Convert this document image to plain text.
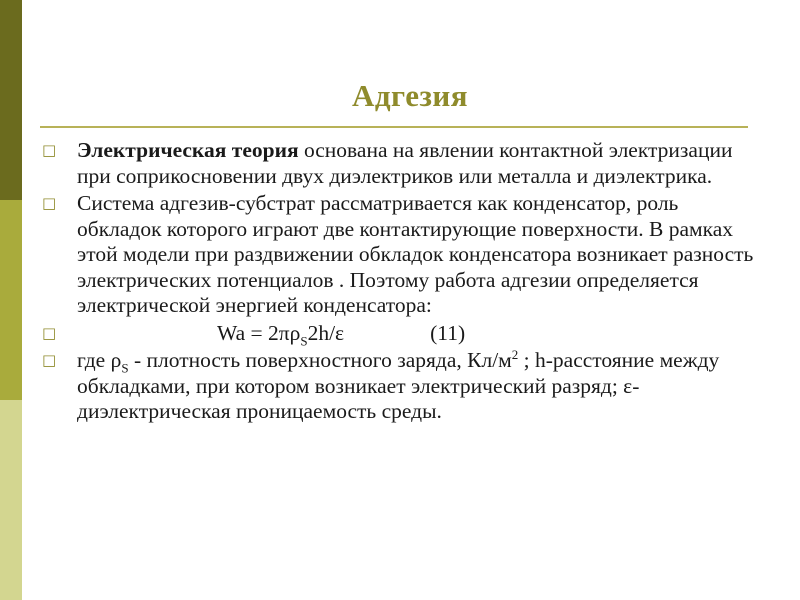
Адгезия
□ Электрическая теория основана на явлении контактной электризации при соприкосновении двух диэлектриков или металла и диэлектрика.
□ Система адгезив-субстрат рассматривается как конденсатор, роль обкладок которого играют две контактирующие поверхности. В рамках этой модели при раздвижении обкладок конденсатора возникает разность электрических потенциалов . Поэтому работа адгезии определяется электрической энергией конденсатора:
□	$Wa = 2\pi\rho_S2h/\varepsilon$	(11)
□ где $\rho_S$ - плотность поверхностного заряда, $Кл/м^2$ ; h-расстояние между обкладками, при котором возникает электрический разряд; ε- диэлектрическая проницаемость среды.
